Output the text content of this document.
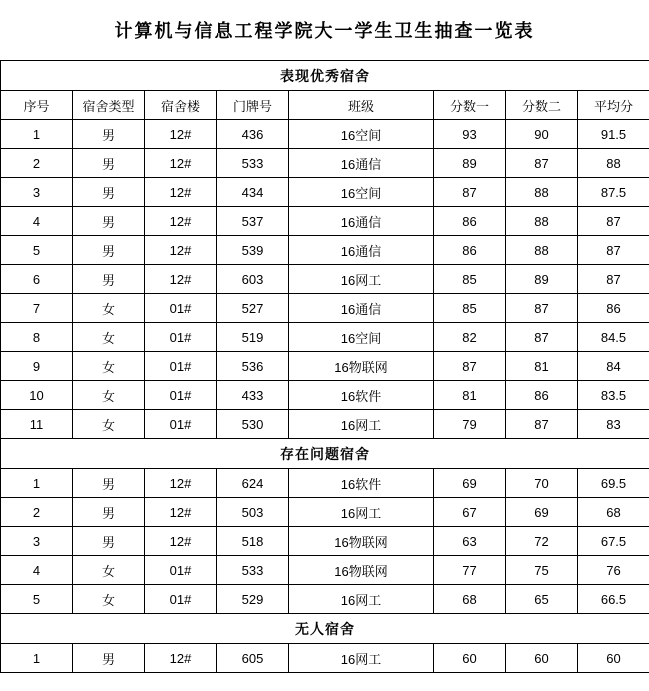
计算机与信息工程学院大一学生卫生抽查一览表
表现优秀宿舍							
序号	宿舍类型	宿舍楼	门牌号	班级	分数一	分数二	平均分
1	男	12#	436	16空间	93	90	91.5
2	男	12#	533	16通信	89	87	88
3	男	12#	434	16空间	87	88	87.5
4	男	12#	537	16通信	86	88	87
5	男	12#	539	16通信	86	88	87
6	男	12#	603	16网工	85	89	87
7	女	01#	527	16通信	85	87	86
8	女	01#	519	16空间	82	87	84.5
9	女	01#	536	16物联网	87	81	84
10	女	01#	433	16软件	81	86	83.5
11	女	01#	530	16网工	79	87	83
存在问题宿舍							
1	男	12#	624	16软件	69	70	69.5
2	男	12#	503	16网工	67	69	68
3	男	12#	518	16物联网	63	72	67.5
4	女	01#	533	16物联网	77	75	76
5	女	01#	529	16网工	68	65	66.5
无人宿舍							
1	男	12#	605	16网工	60	60	60
